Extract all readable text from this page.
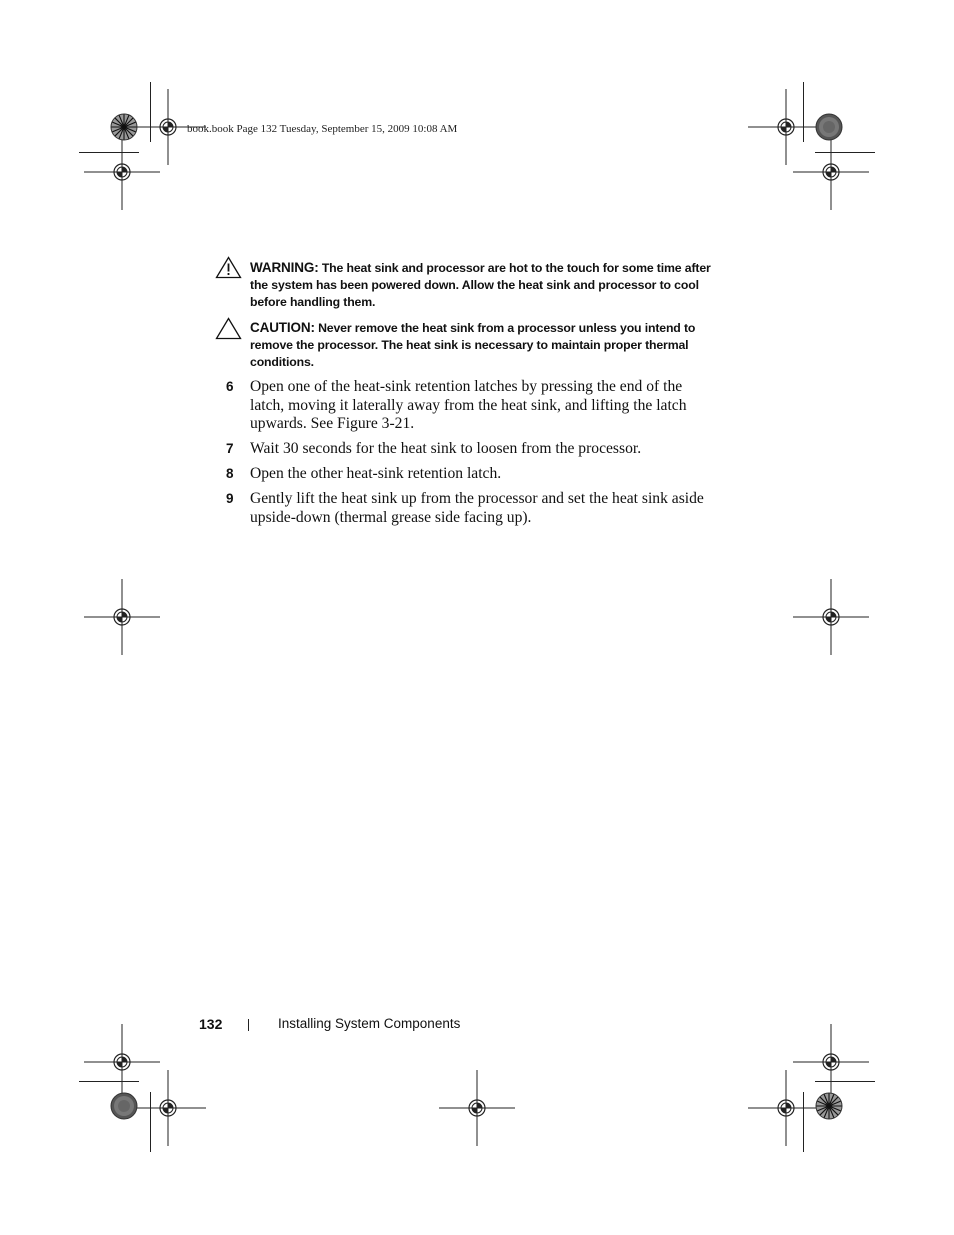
book.book Page 132 Tuesday, September 15, 2009 10:08 AM
WARNING: The heat sink and processor are hot to the touch for some time after the system has been powered down. Allow the heat sink and processor to cool before handling them.
CAUTION: Never remove the heat sink from a processor unless you intend to remove the processor. The heat sink is necessary to maintain proper thermal conditions.
6 Open one of the heat-sink retention latches by pressing the end of the latch, moving it laterally away from the heat sink, and lifting the latch upwards. See Figure 3-21.
7 Wait 30 seconds for the heat sink to loosen from the processor.
8 Open the other heat-sink retention latch.
9 Gently lift the heat sink up from the processor and set the heat sink aside upside-down (thermal grease side facing up).
132	Installing System Components
